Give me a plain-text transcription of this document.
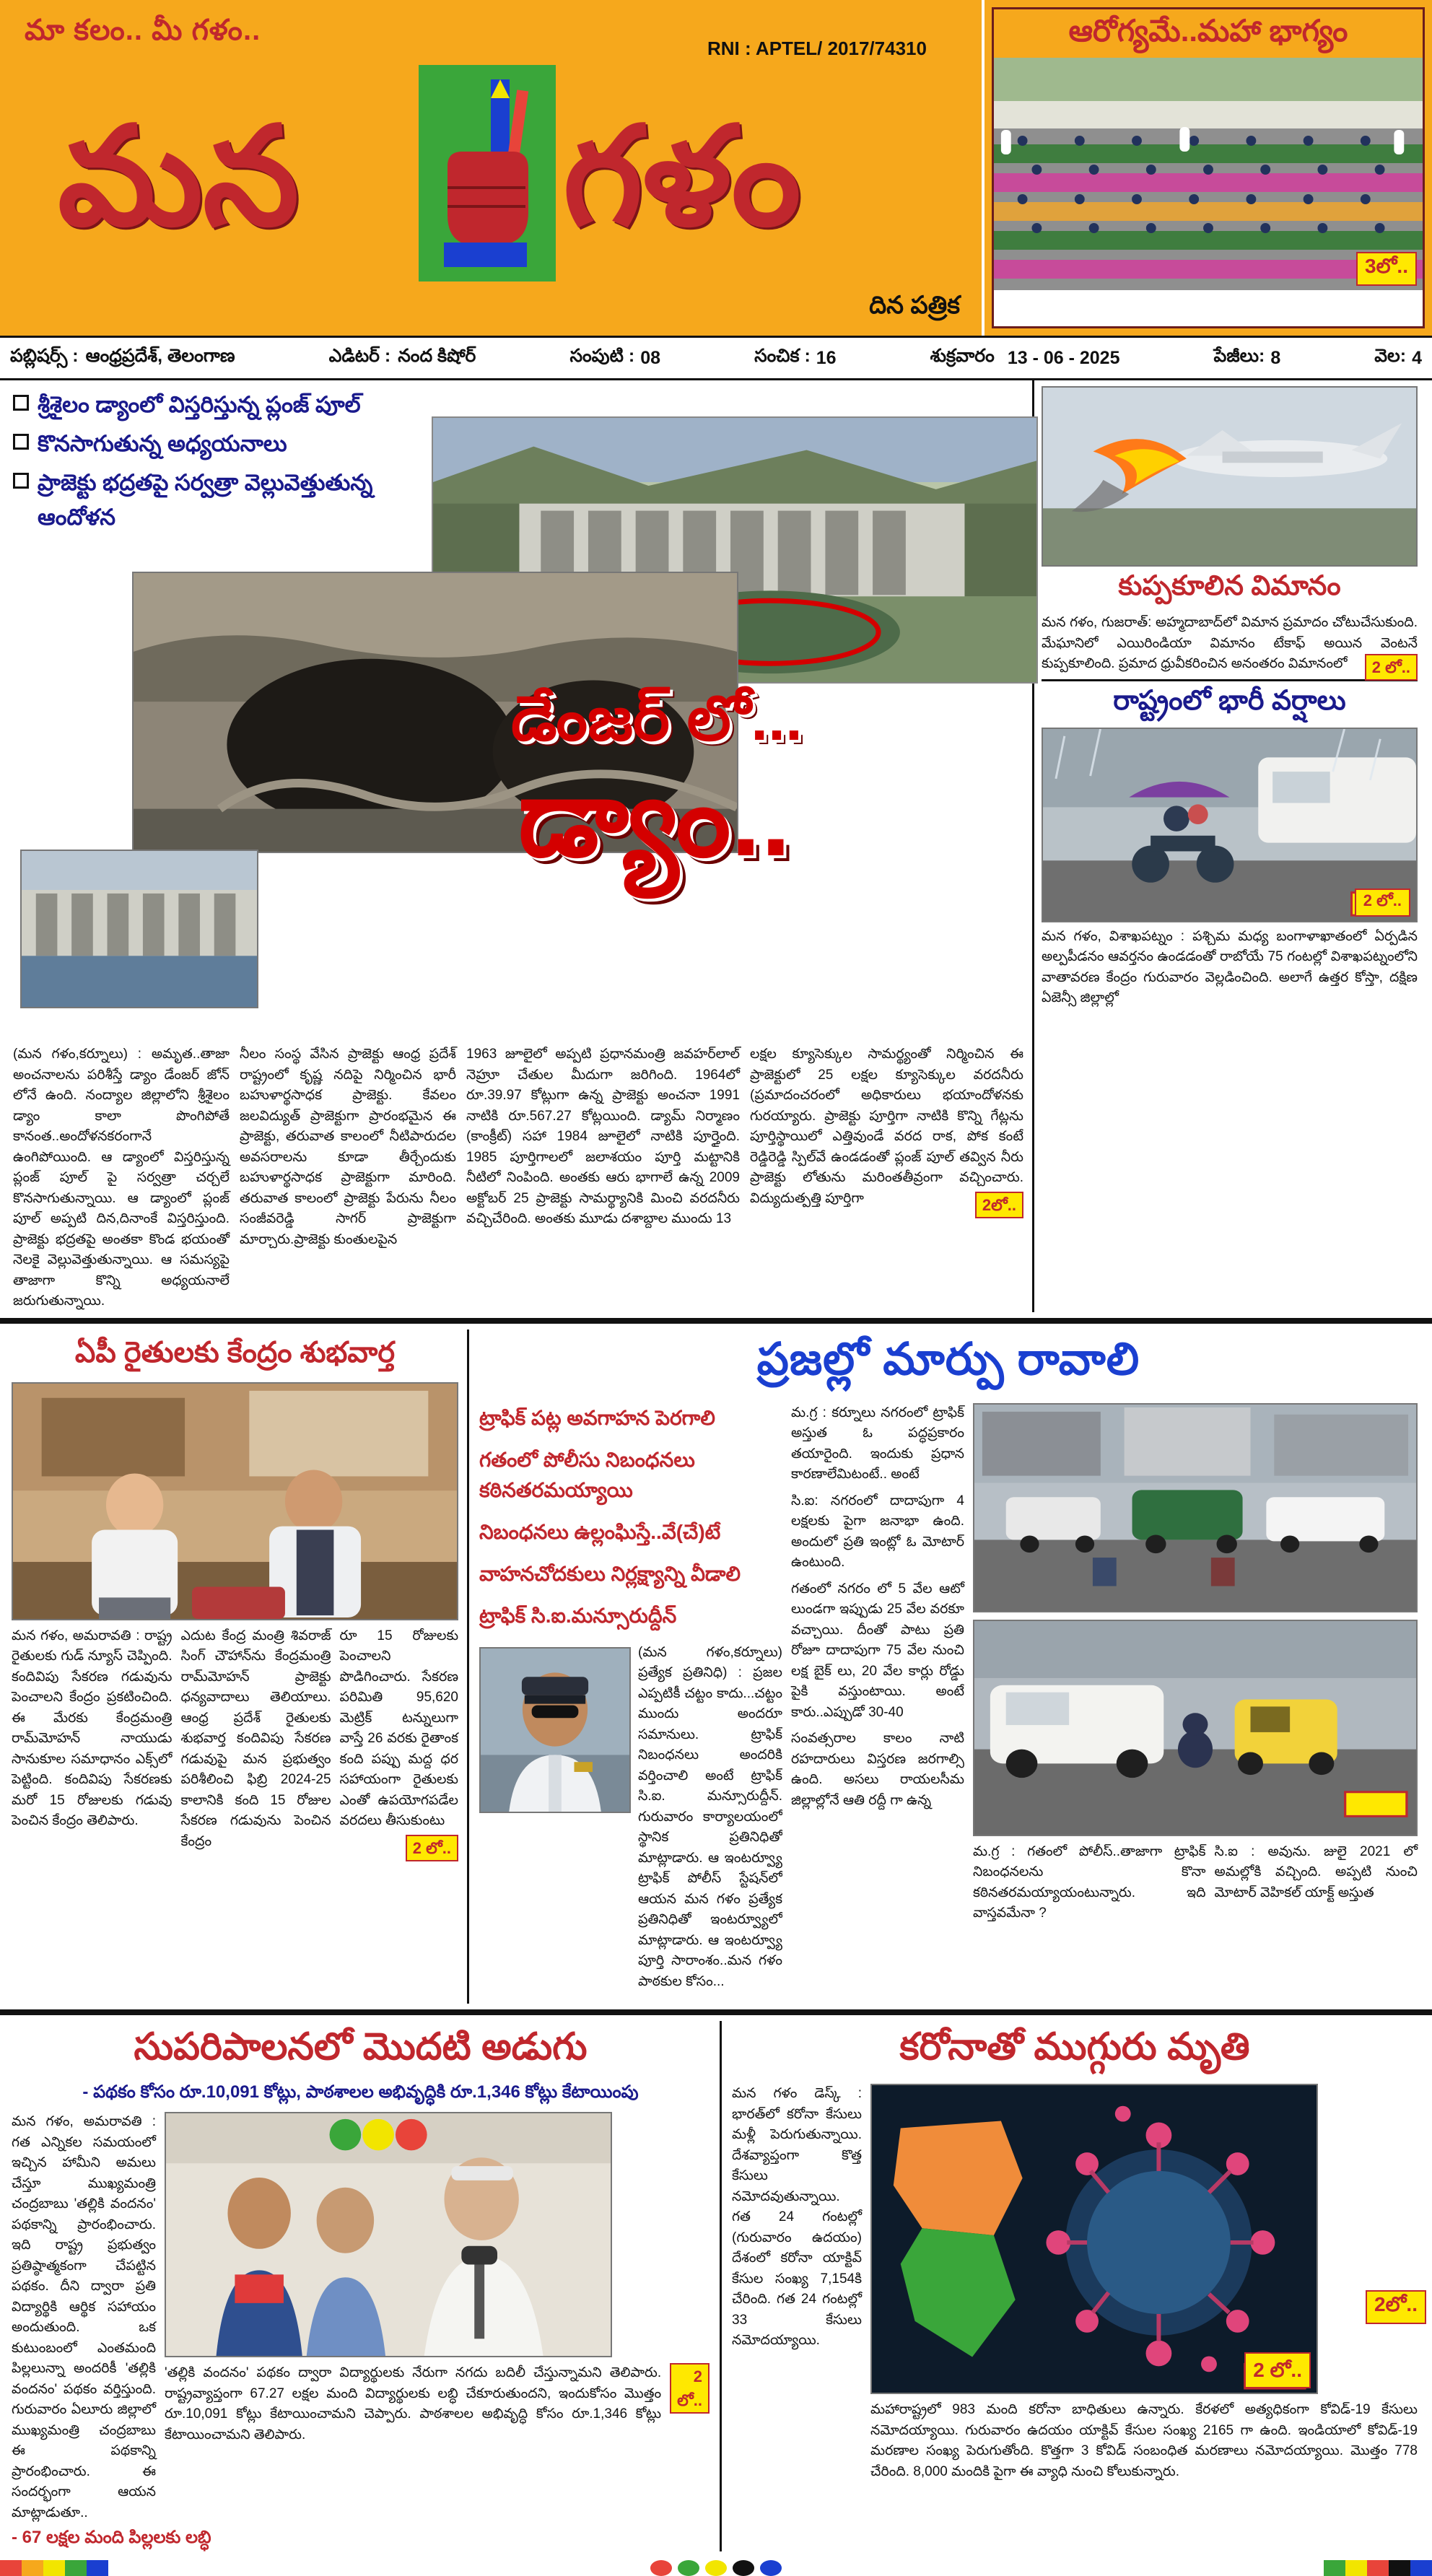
మా కలం.. మీ గళం..
RNI : APTEL/ 2017/74310
మన గళం
దిన పత్రిక
ఆరోగ్యమే..మహా భాగ్యం
3లో..
పబ్లిషర్స్ : ఆంధ్రప్రదేశ్, తెలంగాణ	ఎడిటర్ : నంద కిషోర్	సంపుటి : 08	సంచిక : 16	శుక్రవారం 13 - 06 - 2025	పేజీలు: 8	వెల: 4
శ్రీశైలం డ్యాంలో విస్తరిస్తున్న ప్లంజ్ పూల్
కొనసాగుతున్న అధ్యయనాలు
ప్రాజెక్టు భద్రతపై సర్వత్రా వెల్లువెత్తుతున్న ఆందోళన
డేంజర్ లో...
డ్యాం..
(మన గళం,కర్నూలు) : అమృత..తాజా అంచనాలను పరిశీస్తే డ్యాం డేంజర్ జోన్ లోనే ఉంది. నంద్యాల జిల్లాలోని శ్రీశైలం డ్యాం కాలా పొంగిపోతే కానంత..అందోళనకరంగానే ఉంగిపోయింది. ఆ డ్యాంలో విస్తరిస్తున్న ప్లంజ్ పూల్ పై సర్వత్రా చర్చలే కొనసాగుతున్నాయి. ఆ డ్యాంలో ప్లంజ్ పూల్ అప్పటి దిన,దినాంకే విస్తరిస్తుంది. ప్రాజెక్టు భద్రతపై అంతకా కొండ భయంతో నెలకై వెల్లువెత్తుతున్నాయి. ఆ సమస్యపై తాజాగా కొన్ని అధ్యయనాలే జరుగుతున్నాయి.
నీలం సంస్థ వేసిన ప్రాజెక్టు ఆంధ్ర ప్రదేశ్ రాష్ట్రంలో కృష్ణ నదిపై నిర్మించిన భారీ బహుళార్థసాధక ప్రాజెక్టు. కేవలం జలవిద్యుత్ ప్రాజెక్టుగా ప్రారంభమైన ఈ ప్రాజెక్టు, తరువాత కాలంలో నీటిపారుదల అవసరాలను కూడా తీర్చేందుకు బహుళార్థసాధక ప్రాజెక్టుగా మారింది. తరువాత కాలంలో ప్రాజెక్టు పేరును నీలం సంజీవరెడ్డి సాగర్ ప్రాజెక్టుగా మార్చారు.ప్రాజెక్టు కుంతులపైన
1963 జూలైలో అప్పటి ప్రధానమంత్రి జవహర్‌లాల్ నెహ్రూ చేతుల మీదుగా జరిగింది. 1964లో రూ.39.97 కోట్లుగా ఉన్న ప్రాజెక్టు అంచనా 1991 నాటికి రూ.567.27 కోట్లయింది. డ్యామ్ నిర్మాణం (కాంక్రీట్‌) సహా 1984 జూలైలో నాటికి పూర్తైంది. 1985 పూర్తిగాలలో జలాశయం పూర్తి మట్టానికి నీటిలో నింపింది. అంతకు ఆరు భాగాలే ఉన్న 2009 అక్టోబర్ 25 ప్రాజెక్టు సామర్థ్యానికి మించి వరదనీరు వచ్చిచేరింది. అంతకు మూడు దశాబ్దాల ముందు 13
లక్షల క్యూసెక్కుల సామర్థ్యంతో నిర్మించిన ఈ ప్రాజెక్టులో 25 లక్షల క్యూసెక్కుల వరదనీరు (ప్రమాదంచరంలో అధికారులు భయాందోళనకు గురయ్యారు. ప్రాజెక్టు పూర్తిగా నాటికి కొన్ని గేట్లను పూర్తిస్థాయిలో ఎత్తివుండే వరద రాక, పోక కంటే రెడ్డిరెడ్డి స్పిల్‌వే ఉండడంతో ప్లంజ్ పూల్ తవ్విన నీరు ప్రాజెక్టు లోతును మరింతతీవ్రంగా వచ్చించారు. విద్యుదుత్పత్తి పూర్తిగా	2లో..
కుప్పకూలిన విమానం
మన గళం, గుజరాత్: అహ్మదాబాద్‌లో విమాన ప్రమాదం చోటుచేసుకుంది. మేఘానిలో ఎయిరిండియా విమానం టేకాఫ్ అయిన వెంటనే కుప్పకూలింది. ప్రమాద ధ్రువీకరించిన అనంతరం విమానంలో	2 లో..
రాష్ట్రంలో భారీ వర్షాలు
2 లో..
మన గళం, విశాఖపట్నం : పశ్చిమ మధ్య బంగాళాఖాతంలో ఏర్పడిన అల్పపీడనం ఆవర్తనం ఉండడంతో రాబోయే 75 గంటల్లో విశాఖపట్నంలోని వాతావరణ కేంద్రం గురువారం వెల్లడించింది. అలాగే ఉత్తర కోస్తా, దక్షిణ ఏజెన్సీ జిల్లాల్లో
ఏపీ రైతులకు కేంద్రం శుభవార్త
మన గళం, అమరావతి : రాష్ట్ర రైతులకు గుడ్ న్యూస్ చెప్పింది. కందివిపు సేకరణ గడువును పెంచాలని కేంద్రం ప్రకటించింది. ఈ మేరకు కేంద్రమంత్రి రామ్‌మోహన్ నాయుడు సానుకూల సమాధానం ఎక్స్‌లో పెట్టింది. కందివిపు సేకరణకు మరో 15 రోజులకు గడువు పెంచిన కేంద్రం తెలిపారు.
ఎదుట కేంద్ర మంత్రి శివరాజ్ సింగ్ చౌహాన్‌ను కేంద్రమంత్రి రామ్‌మోహన్ ప్రాజెక్టు ధన్యవాదాలు తెలియాలు. ఆంధ్ర ప్రదేశ్ రైతులకు శుభవార్త కందివిపు సేకరణ గడువుపై మన ప్రభుత్వం పరిశీలించి ఫిబ్రి 2024-25 కాలానికి కంది 15 రోజుల సేకరణ గడువును పెంచిన కేంద్రం
రూ 15 రోజులకు పెంచాలని పొడిగించారు. సేకరణ పరిమితి 95,620 మెట్రిక్ టన్నులుగా వాస్తే 26 వరకు రైతాంక కంది పప్పు మద్ద ధర సహాయంగా రైతులకు ఎంతో ఉపయోగపడేల వరదలు తీసుకుంటు
2 లో..
ప్రజల్లో మార్పు రావాలి
ట్రాఫిక్ పట్ల అవగాహన పెరగాలి
గతంలో పోలీసు నిబంధనలు కఠినతరమయ్యాయి
నిబంధనలు ఉల్లంఘిస్తే..వే(చే)టే
వాహనచోదకులు నిర్లక్ష్యాన్ని వీడాలి
ట్రాఫిక్ సి.ఐ.మన్సూరుద్దీన్
(మన గళం,కర్నూలు) ప్రత్యేక ప్రతినిధి) : ప్రజల ఎప్పటికీ చట్టం కాదు...చట్టం ముందు అందరూ సమానులు. ట్రాఫిక్ నిబంధనలు అందరికి వర్తించాలి అంటే ట్రాఫిక్ సి.ఐ. మన్సూరుద్దీన్. గురువారం కార్యాలయంలో స్థానిక ప్రతినిధితో మాట్లాడారు. ఆ ఇంటర్వ్యూ ట్రాఫిక్ పోలీస్ స్టేషన్‌లో ఆయన మన గళం ప్రత్యేక ప్రతినిధితో ఇంటర్వ్యూలో మాట్లాడారు. ఆ ఇంటర్వ్యూ పూర్తి సారాంశం..మన గళం పాఠకుల కోసం...
మ.గ్ర : కర్నూలు నగరంలో ట్రాఫిక్ అస్తుత ఓ పద్ధప్రకారం తయారైంది. ఇందుకు ప్రధాన కారణాలేమిటంటే.. అంటే
సి.ఐ: నగరంలో దాదాపుగా 4 లక్షలకు పైగా జనాభా ఉంది. అందులో ప్రతి ఇంట్లో ఓ మోటార్ ఉంటుంది.
గతంలో నగరం లో 5 వేల ఆటో లుండగా ఇప్పుడు 25 వేల వరకూ వచ్చాయి. దీంతో పాటు ప్రతి రోజూ దాదాపుగా 75 వేల నుంచి లక్ష బైక్ లు, 20 వేల కార్లు రోడ్డు పైకి వస్తుంటాయి. అంటే కారు..ఎప్పుడో 30-40
సంవత్సరాల కాలం నాటి రహదారులు విస్తరణ జరగాల్సి ఉంది. అసలు రాయలసీమ జిల్లాల్లోనే ఆతి రద్దీ గా ఉన్న
2లో..
మ.గ్ర : గతంలో పోలీస్..తాజాగా ట్రాఫిక్ నిబంధనలను కొనా కఠినతరమయ్యాయంటున్నారు. ఇది వాస్తవమేనా ?
సి.ఐ : అవును. జులై 2021 లో అమల్లోకి వచ్చింది. అప్పటి నుంచి మోటార్ వెహికల్ యాక్ట్ అస్తుత
సుపరిపాలనలో మొదటి అడుగు
- పథకం కోసం రూ.10,091 కోట్లు, పాఠశాలల అభివృద్ధికి రూ.1,346 కోట్లు కేటాయింపు
మన గళం, అమరావతి : గత ఎన్నికల సమయంలో ఇచ్చిన హామీని అమలు చేస్తూ ముఖ్యమంత్రి చంద్రబాబు 'తల్లికి వందనం' పథకాన్ని ప్రారంభించారు. ఇది రాష్ట్ర ప్రభుత్వం ప్రతిష్ఠాత్మకంగా చేపట్టిన పథకం. దీని ద్వారా ప్రతి విద్యార్థికి ఆర్థిక సహాయం అందుతుంది. ఒక కుటుంబంలో ఎంతమంది పిల్లలున్నా అందరికీ 'తల్లికి వందనం' పథకం వర్తిస్తుంది. గురువారం ఏలూరు జిల్లాలో ముఖ్యమంత్రి చంద్రబాబు ఈ పథకాన్ని ప్రారంభించారు. ఈ సందర్భంగా ఆయన మాట్లాడుతూ..
'తల్లికి వందనం' పథకం ద్వారా విద్యార్థులకు నేరుగా నగదు బదిలీ చేస్తున్నామని తెలిపారు. రాష్ట్రవ్యాప్తంగా 67.27 లక్షల మంది విద్యార్థులకు లబ్ధి చేకూరుతుందని, ఇందుకోసం మొత్తం రూ.10,091 కోట్లు కేటాయించామని చెప్పారు. పాఠశాలల అభివృద్ధి కోసం రూ.1,346 కోట్లు కేటాయించామని తెలిపారు.
2 లో..
- 67 లక్షల మంది పిల్లలకు లబ్ధి
కరోనాతో ముగ్గురు మృతి
మన గళం డెస్క్ : భారత్‌లో కరోనా కేసులు మళ్లీ పెరుగుతున్నాయి. దేశవ్యాప్తంగా కొత్త కేసులు నమోదవుతున్నాయి. గత 24 గంటల్లో (గురువారం ఉదయం) దేశంలో కరోనా యాక్టివ్ కేసుల సంఖ్య 7,154కి చేరింది. గత 24 గంటల్లో 33 కేసులు నమోదయ్యాయి.
2 లో..
మహారాష్ట్రలో 983 మంది కరోనా బాధితులు ఉన్నారు. కేరళలో అత్యధికంగా కోవిడ్-19 కేసులు నమోదయ్యాయి. గురువారం ఉదయం యాక్టివ్ కేసుల సంఖ్య 2165 గా ఉంది. ఇండియాలో కోవిడ్-19 మరణాల సంఖ్య పెరుగుతోంది. కొత్తగా 3 కోవిడ్ సంబంధిత మరణాలు నమోదయ్యాయి. మొత్తం 778 చేరింది. 8,000 మందికి పైగా ఈ వ్యాధి నుంచి కోలుకున్నారు.
